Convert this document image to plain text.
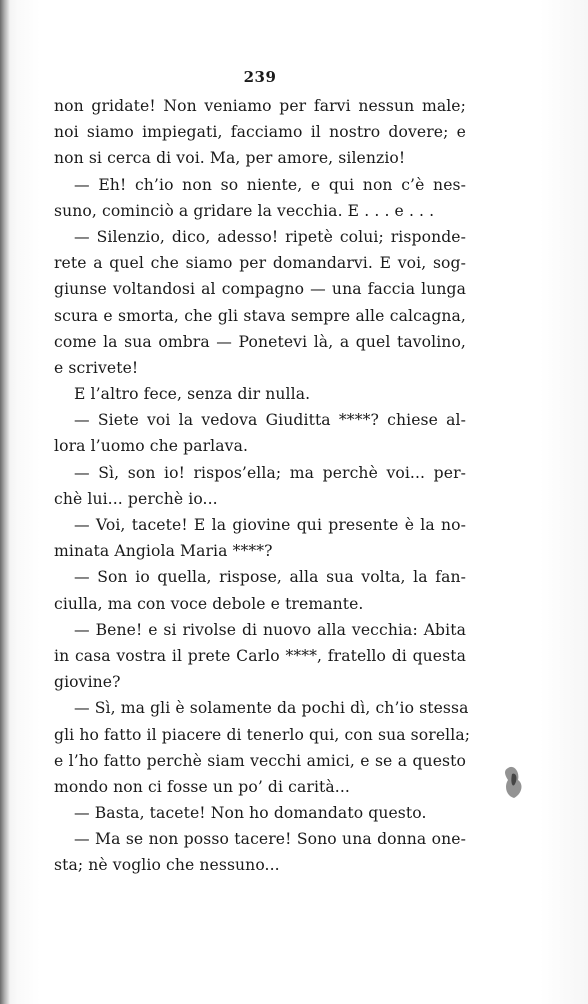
239
non gridate! Non veniamo per farvi nessun male;
noi siamo impiegati, facciamo il nostro dovere; e
non si cerca di voi. Ma, per amore, silenzio!
— Eh! ch’io non so niente, e qui non c’è nes-
suno, cominciò a gridare la vecchia. E . . . e . . .
— Silenzio, dico, adesso! ripetè colui; risponde-
rete a quel che siamo per domandarvi. E voi, sog-
giunse voltandosi al compagno — una faccia lunga
scura e smorta, che gli stava sempre alle calcagna,
come la sua ombra — Ponetevi là, a quel tavolino,
e scrivete!
E l’altro fece, senza dir nulla.
— Siete voi la vedova Giuditta ****? chiese al-
lora l’uomo che parlava.
— Sì, son io! rispos’ella; ma perchè voi... per-
chè lui... perchè io...
— Voi, tacete! E la giovine qui presente è la no-
minata Angiola Maria ****?
— Son io quella, rispose, alla sua volta, la fan-
ciulla, ma con voce debole e tremante.
— Bene! e si rivolse di nuovo alla vecchia: Abita
in casa vostra il prete Carlo ****, fratello di questa
giovine?
— Sì, ma gli è solamente da pochi dì, ch’io stessa
gli ho fatto il piacere di tenerlo qui, con sua sorella;
e l’ho fatto perchè siam vecchi amici, e se a questo
mondo non ci fosse un po’ di carità...
— Basta, tacete! Non ho domandato questo.
— Ma se non posso tacere! Sono una donna one-
sta; nè voglio che nessuno...
